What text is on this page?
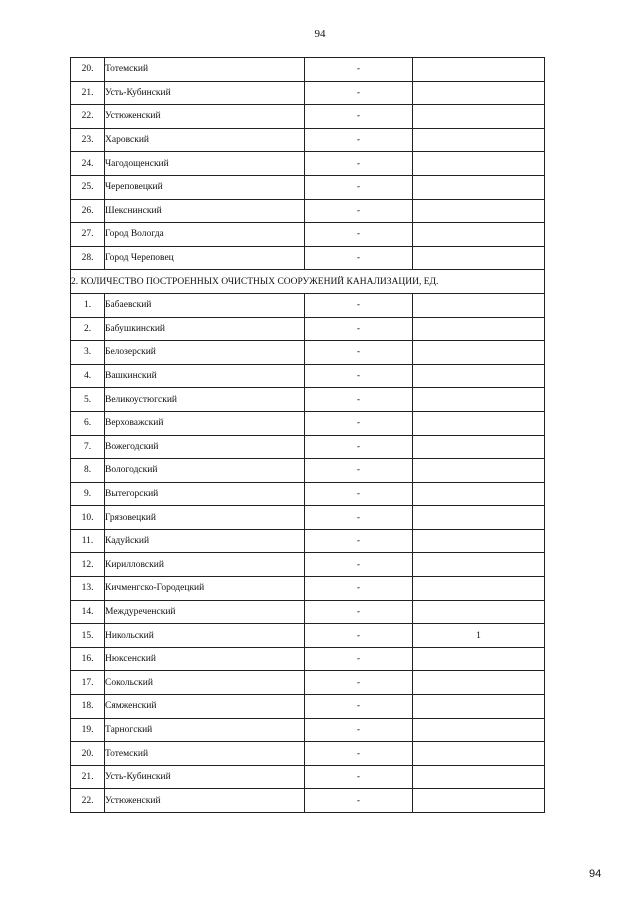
94
20.	Тотемский	-	
21.	Усть-Кубинский	-	
22.	Устюженский	-	
23.	Харовский	-	
24.	Чагодощенский	-	
25.	Череповецкий	-	
26.	Шекснинский	-	
27.	Город Вологда	-	
28.	Город Череповец	-	
2. КОЛИЧЕСТВО ПОСТРОЕННЫХ ОЧИСТНЫХ СООРУЖЕНИЙ КАНАЛИЗАЦИИ, ЕД.			
1.	Бабаевский	-	
2.	Бабушкинский	-	
3.	Белозерский	-	
4.	Вашкинский	-	
5.	Великоустюгский	-	
6.	Верховажский	-	
7.	Вожегодский	-	
8.	Вологодский	-	
9.	Вытегорский	-	
10.	Грязовецкий	-	
11.	Кадуйский	-	
12.	Кирилловский	-	
13.	Кичменгско-Городецкий	-	
14.	Междуреченский	-	
15.	Никольский	-	1
16.	Нюксенский	-	
17.	Сокольский	-	
18.	Сямженский	-	
19.	Тарногский	-	
20.	Тотемский	-	
21.	Усть-Кубинский	-	
22.	Устюженский	-	
94
